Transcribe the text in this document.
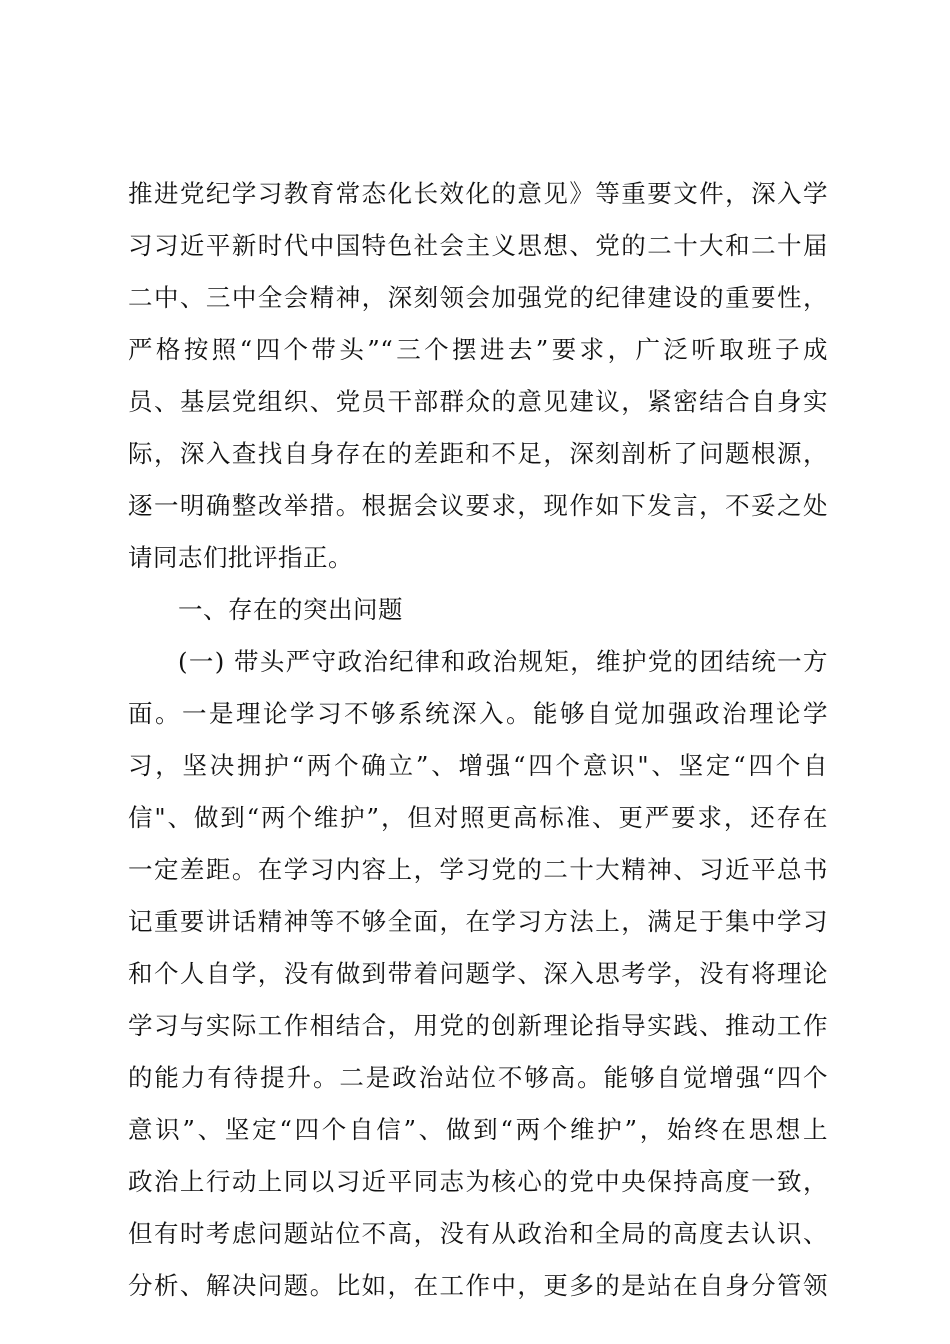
推进党纪学习教育常态化长效化的意见》等重要文件，深入学
习习近平新时代中国特色社会主义思想、党的二十大和二十届
二中、三中全会精神，深刻领会加强党的纪律建设的重要性，
严格按照“四个带头”“三个摆进去”要求，广泛听取班子成
员、基层党组织、党员干部群众的意见建议，紧密结合自身实
际，深入查找自身存在的差距和不足，深刻剖析了问题根源，
逐一明确整改举措。根据会议要求，现作如下发言，不妥之处
请同志们批评指正。
一、存在的突出问题
(一) 带头严守政治纪律和政治规矩，维护党的团结统一方
面。一是理论学习不够系统深入。能够自觉加强政治理论学
习，坚决拥护“两个确立”、增强“四个意识"、坚定“四个自
信"、做到“两个维护”，但对照更高标准、更严要求，还存在
一定差距。在学习内容上，学习党的二十大精神、习近平总书
记重要讲话精神等不够全面，在学习方法上，满足于集中学习
和个人自学，没有做到带着问题学、深入思考学，没有将理论
学习与实际工作相结合，用党的创新理论指导实践、推动工作
的能力有待提升。二是政治站位不够高。能够自觉增强“四个
意识”、坚定“四个自信”、做到“两个维护”，始终在思想上
政治上行动上同以习近平同志为核心的党中央保持高度一致，
但有时考虑问题站位不高，没有从政治和全局的高度去认识、
分析、解决问题。比如，在工作中，更多的是站在自身分管领
